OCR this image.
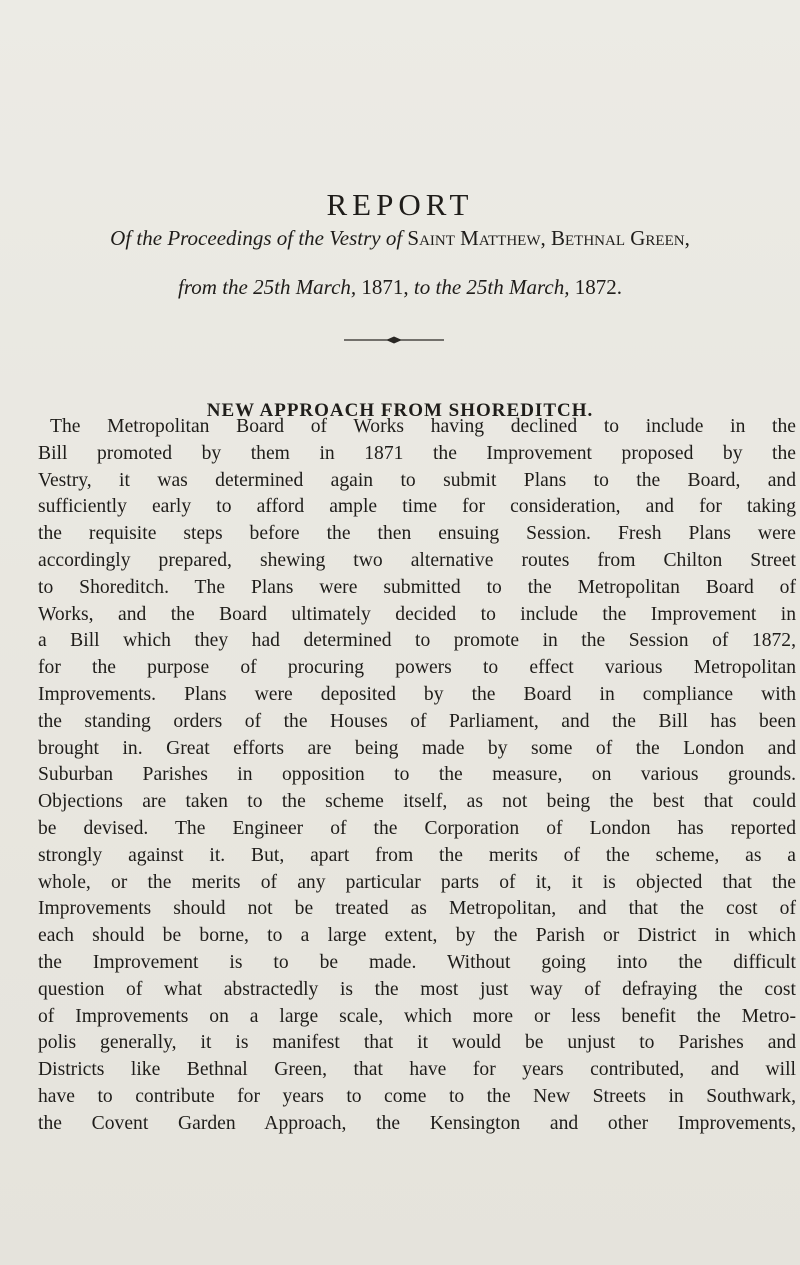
REPORT
Of the Proceedings of the Vestry of Saint Matthew, Bethnal Green,
from the 25th March, 1871, to the 25th March, 1872.
NEW APPROACH FROM SHOREDITCH.
The Metropolitan Board of Works having declined to include in the
Bill promoted by them in 1871 the Improvement proposed by the
Vestry, it was determined again to submit Plans to the Board, and
sufficiently early to afford ample time for consideration, and for taking
the requisite steps before the then ensuing Session. Fresh Plans were
accordingly prepared, shewing two alternative routes from Chilton Street
to Shoreditch. The Plans were submitted to the Metropolitan Board of
Works, and the Board ultimately decided to include the Improvement in
a Bill which they had determined to promote in the Session of 1872,
for the purpose of procuring powers to effect various Metropolitan
Improvements. Plans were deposited by the Board in compliance with
the standing orders of the Houses of Parliament, and the Bill has been
brought in. Great efforts are being made by some of the London and
Suburban Parishes in opposition to the measure, on various grounds.
Objections are taken to the scheme itself, as not being the best that could
be devised. The Engineer of the Corporation of London has reported
strongly against it. But, apart from the merits of the scheme, as a
whole, or the merits of any particular parts of it, it is objected that the
Improvements should not be treated as Metropolitan, and that the cost of
each should be borne, to a large extent, by the Parish or District in which
the Improvement is to be made. Without going into the difficult
question of what abstractedly is the most just way of defraying the cost
of Improvements on a large scale, which more or less benefit the Metro-
polis generally, it is manifest that it would be unjust to Parishes and
Districts like Bethnal Green, that have for years contributed, and will
have to contribute for years to come to the New Streets in Southwark,
the Covent Garden Approach, the Kensington and other Improvements,
